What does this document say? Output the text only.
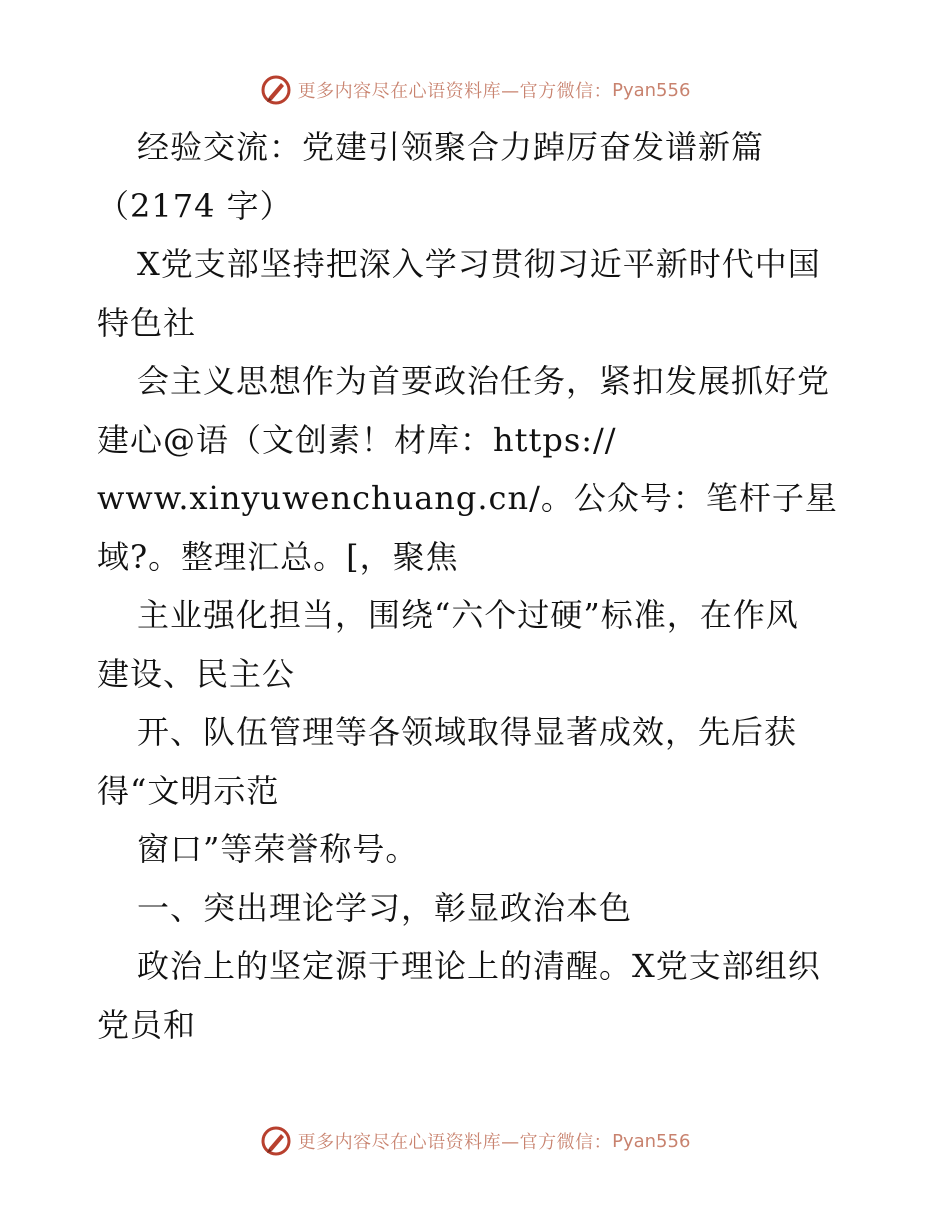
更多内容尽在心语资料库—官方微信： Pyan556
经验交流：党建引领聚合力踔厉奋发谱新篇
（2174 字）
X党支部坚持把深入学习贯彻习近平新时代中国
特色社
会主义思想作为首要政治任务，紧扣发展抓好党
建心@语（文创素！材库：https://
www.xinyuwenchuang.cn/。公众号：笔杆子星
域?。整理汇总。[，聚焦
主业强化担当，围绕“六个过硬”标准，在作风
建设、民主公
开、队伍管理等各领域取得显著成效，先后获
得“文明示范
窗口”等荣誉称号。
一、突出理论学习，彰显政治本色
政治上的坚定源于理论上的清醒。X党支部组织
党员和
更多内容尽在心语资料库—官方微信： Pyan556
